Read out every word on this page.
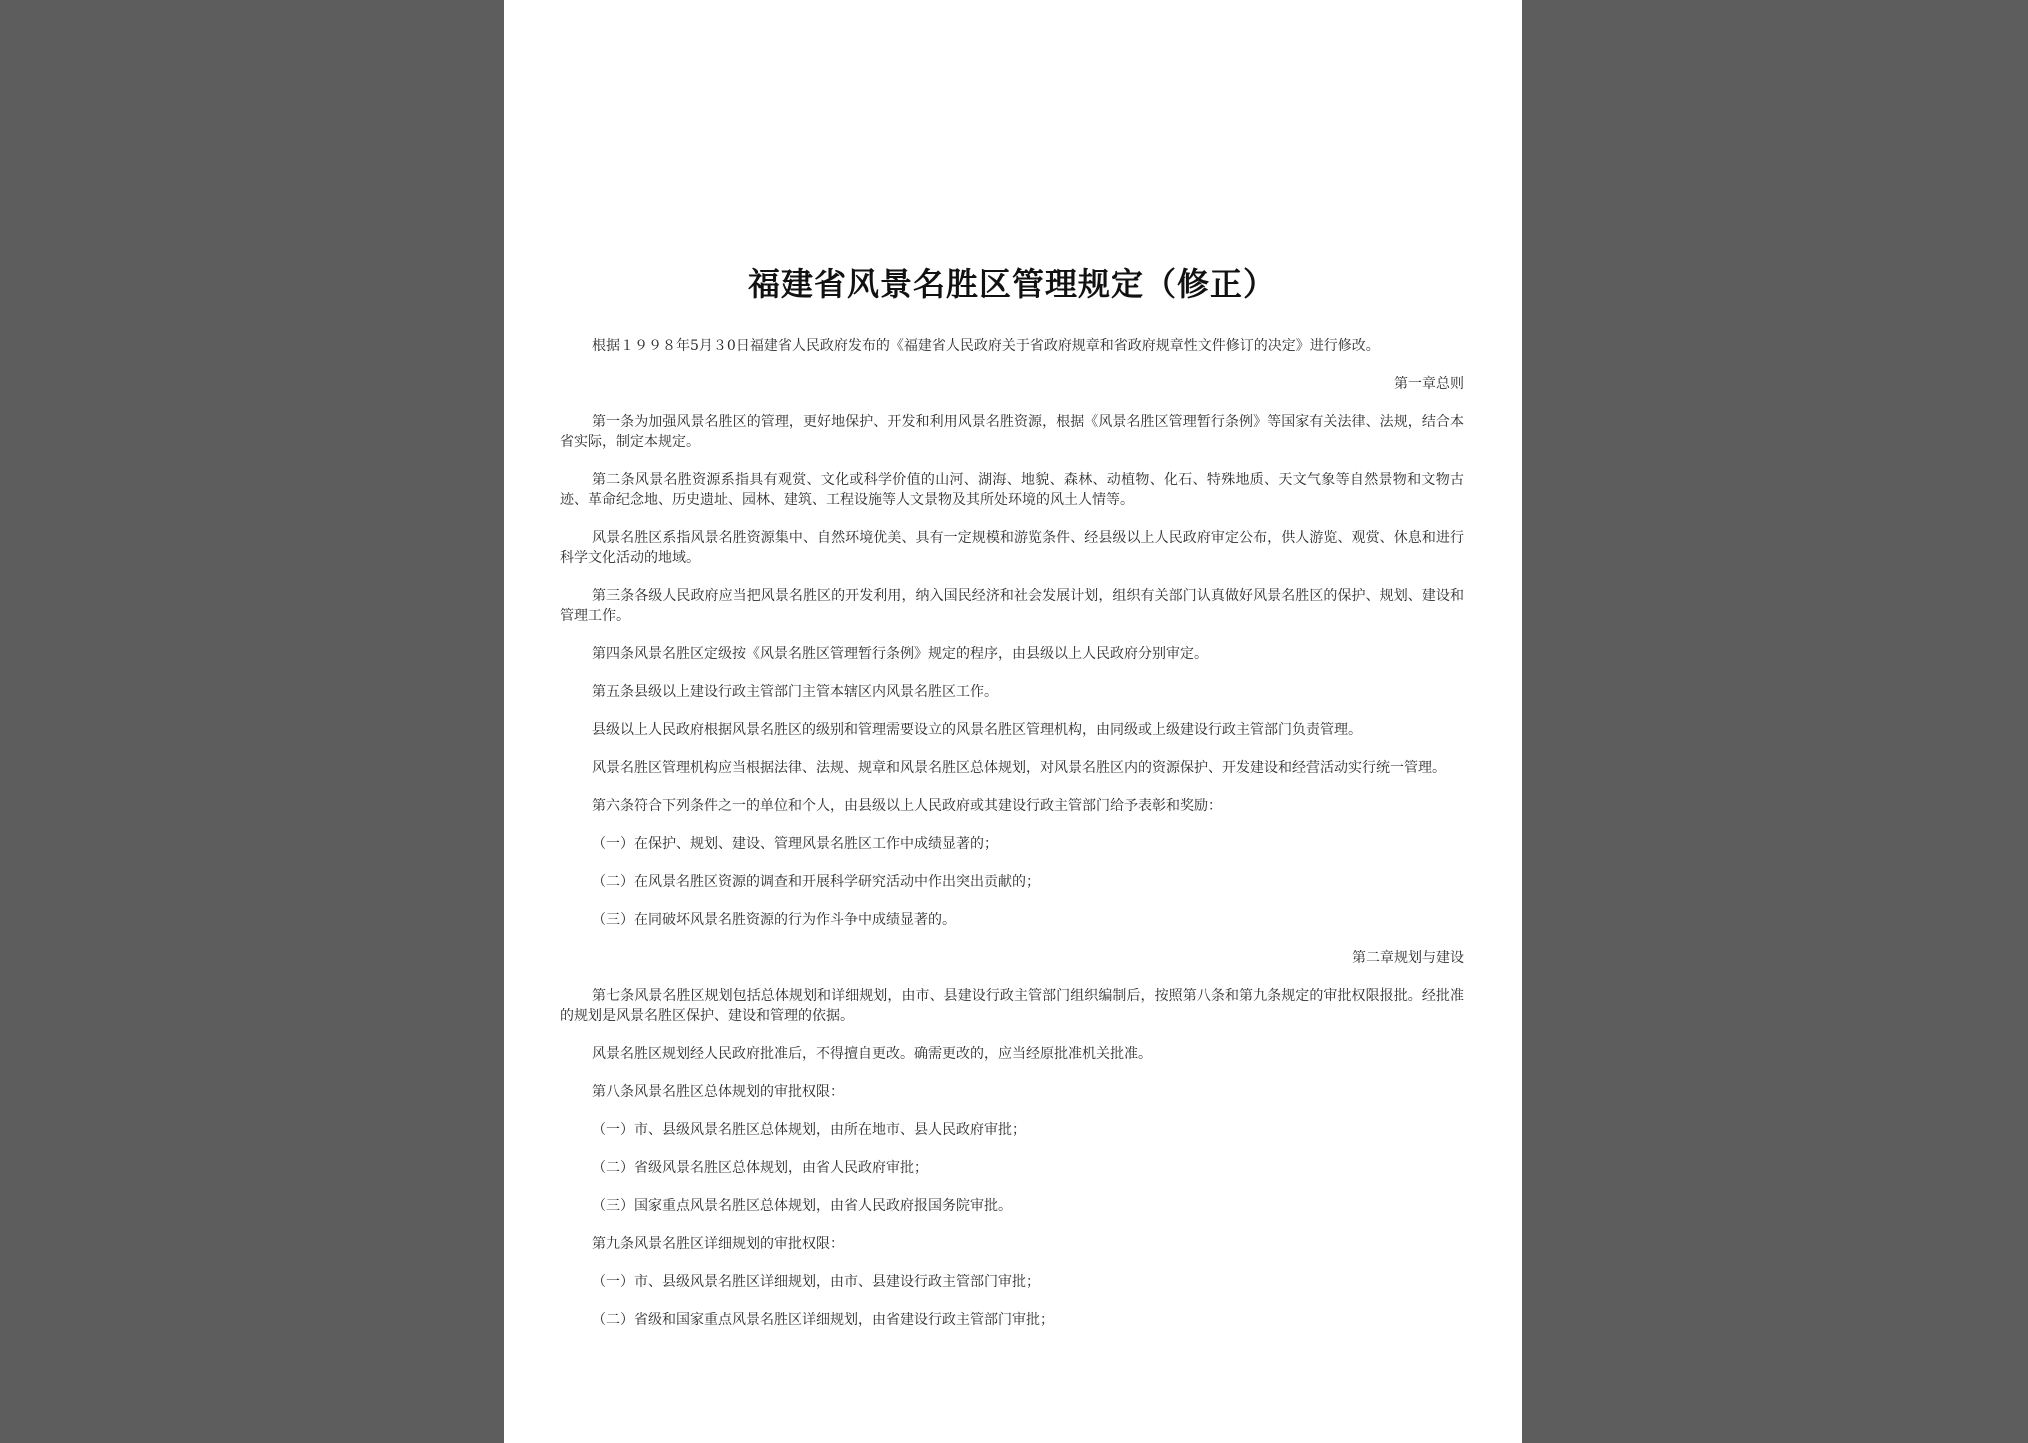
福建省风景名胜区管理规定（修正）

根据１９９８年5月３0日福建省人民政府发布的《福建省人民政府关于省政府规章和省政府规章性文件修订的决定》进行修改。

第一章总则

第一条为加强风景名胜区的管理，更好地保护、开发和利用风景名胜资源，根据《风景名胜区管理暂行条例》等国家有关法律、法规，结合本省实际，制定本规定。

第二条风景名胜资源系指具有观赏、文化或科学价值的山河、湖海、地貌、森林、动植物、化石、特殊地质、天文气象等自然景物和文物古迹、革命纪念地、历史遗址、园林、建筑、工程设施等人文景物及其所处环境的风土人情等。

风景名胜区系指风景名胜资源集中、自然环境优美、具有一定规模和游览条件、经县级以上人民政府审定公布，供人游览、观赏、休息和进行科学文化活动的地域。

第三条各级人民政府应当把风景名胜区的开发利用，纳入国民经济和社会发展计划，组织有关部门认真做好风景名胜区的保护、规划、建设和管理工作。

第四条风景名胜区定级按《风景名胜区管理暂行条例》规定的程序，由县级以上人民政府分别审定。

第五条县级以上建设行政主管部门主管本辖区内风景名胜区工作。

县级以上人民政府根据风景名胜区的级别和管理需要设立的风景名胜区管理机构，由同级或上级建设行政主管部门负责管理。

风景名胜区管理机构应当根据法律、法规、规章和风景名胜区总体规划，对风景名胜区内的资源保护、开发建设和经营活动实行统一管理。

第六条符合下列条件之一的单位和个人，由县级以上人民政府或其建设行政主管部门给予表彰和奖励：

（一）在保护、规划、建设、管理风景名胜区工作中成绩显著的；

（二）在风景名胜区资源的调查和开展科学研究活动中作出突出贡献的；

（三）在同破坏风景名胜资源的行为作斗争中成绩显著的。

第二章规划与建设

第七条风景名胜区规划包括总体规划和详细规划，由市、县建设行政主管部门组织编制后，按照第八条和第九条规定的审批权限报批。经批准的规划是风景名胜区保护、建设和管理的依据。

风景名胜区规划经人民政府批准后，不得擅自更改。确需更改的，应当经原批准机关批准。

第八条风景名胜区总体规划的审批权限：

（一）市、县级风景名胜区总体规划，由所在地市、县人民政府审批；

（二）省级风景名胜区总体规划，由省人民政府审批；

（三）国家重点风景名胜区总体规划，由省人民政府报国务院审批。

第九条风景名胜区详细规划的审批权限：

（一）市、县级风景名胜区详细规划，由市、县建设行政主管部门审批；

（二）省级和国家重点风景名胜区详细规划，由省建设行政主管部门审批；
